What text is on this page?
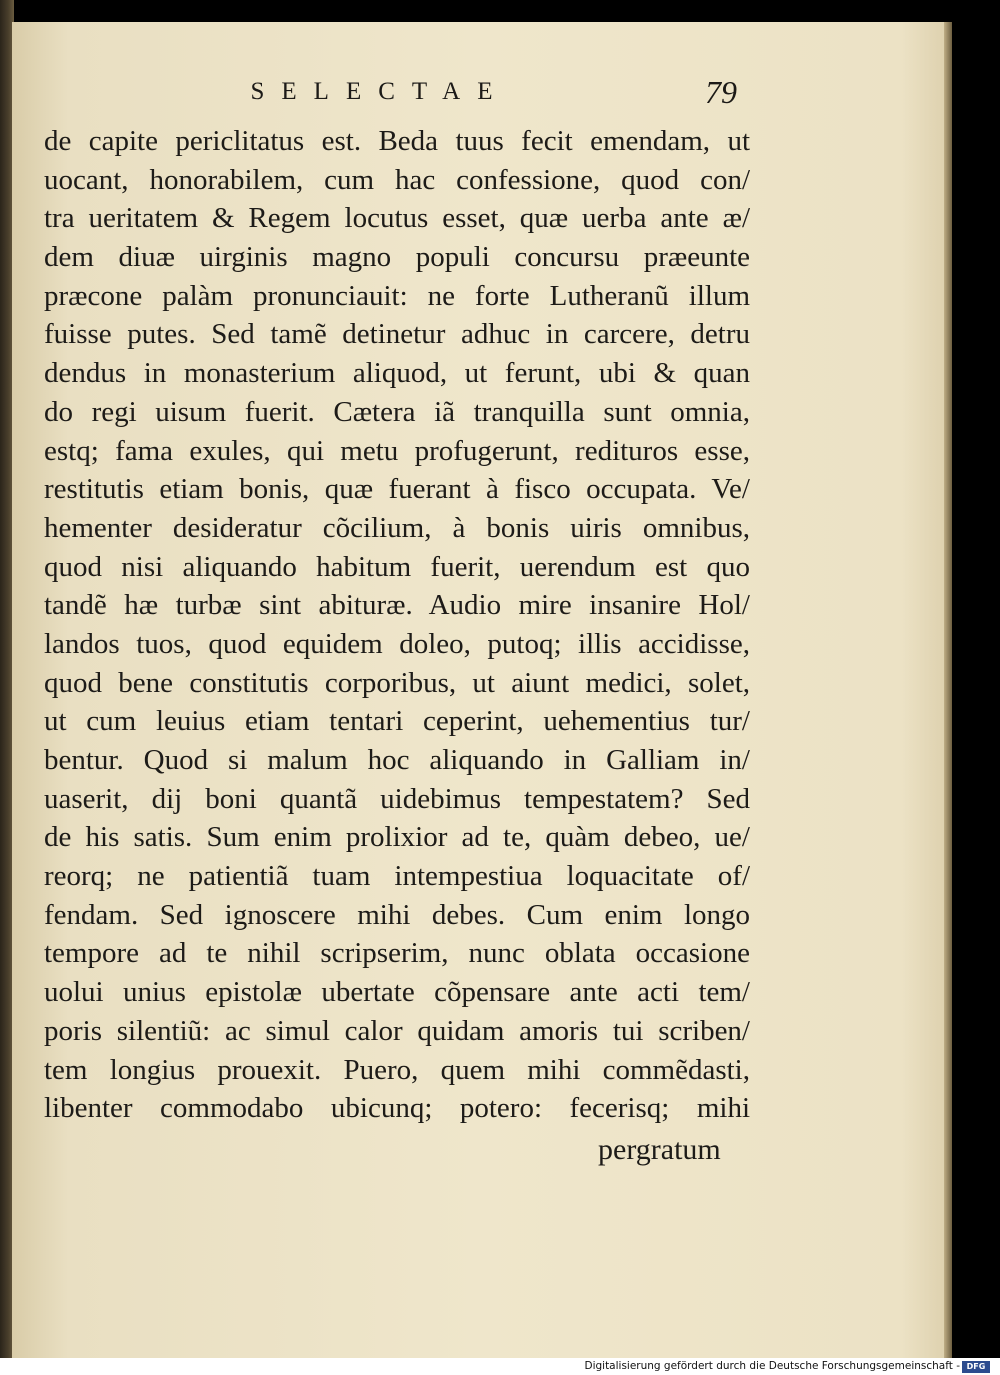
SELECTAE	79
de capite periclitatus est. Beda tuus fecit emendam, ut
uocant, honorabilem, cum hac confessione, quod con/
tra ueritatem & Regem locutus esset, quæ uerba ante æ/
dem diuæ uirginis magno populi concursu præeunte
præcone palàm pronunciauit: ne forte Lutheranũ illum
fuisse putes. Sed tamẽ detinetur adhuc in carcere, detru
dendus in monasterium aliquod, ut ferunt, ubi & quan
do regi uisum fuerit. Cætera iã tranquilla sunt omnia,
estq; fama exules, qui metu profugerunt, redituros esse,
restitutis etiam bonis, quæ fuerant à fisco occupata. Ve/
hementer desideratur cõcilium, à bonis uiris omnibus,
quod nisi aliquando habitum fuerit, uerendum est quo
tandẽ hæ turbæ sint abituræ. Audio mire insanire Hol/
landos tuos, quod equidem doleo, putoq; illis accidisse,
quod bene constitutis corporibus, ut aiunt medici, solet,
ut cum leuius etiam tentari ceperint, uehementius tur/
bentur. Quod si malum hoc aliquando in Galliam in/
uaserit, dij boni quantã uidebimus tempestatem? Sed
de his satis. Sum enim prolixior ad te, quàm debeo, ue/
reorq; ne patientiã tuam intempestiua loquacitate of/
fendam. Sed ignoscere mihi debes. Cum enim longo
tempore ad te nihil scripserim, nunc oblata occasione
uolui unius epistolæ ubertate cõpensare ante acti tem/
poris silentiũ: ac simul calor quidam amoris tui scriben/
tem longius prouexit. Puero, quem mihi commẽdasti,
libenter commodabo ubicunq; potero: fecerisq; mihi
pergratum
Digitalisierung gefördert durch die Deutsche Forschungsgemeinschaft - DFG
